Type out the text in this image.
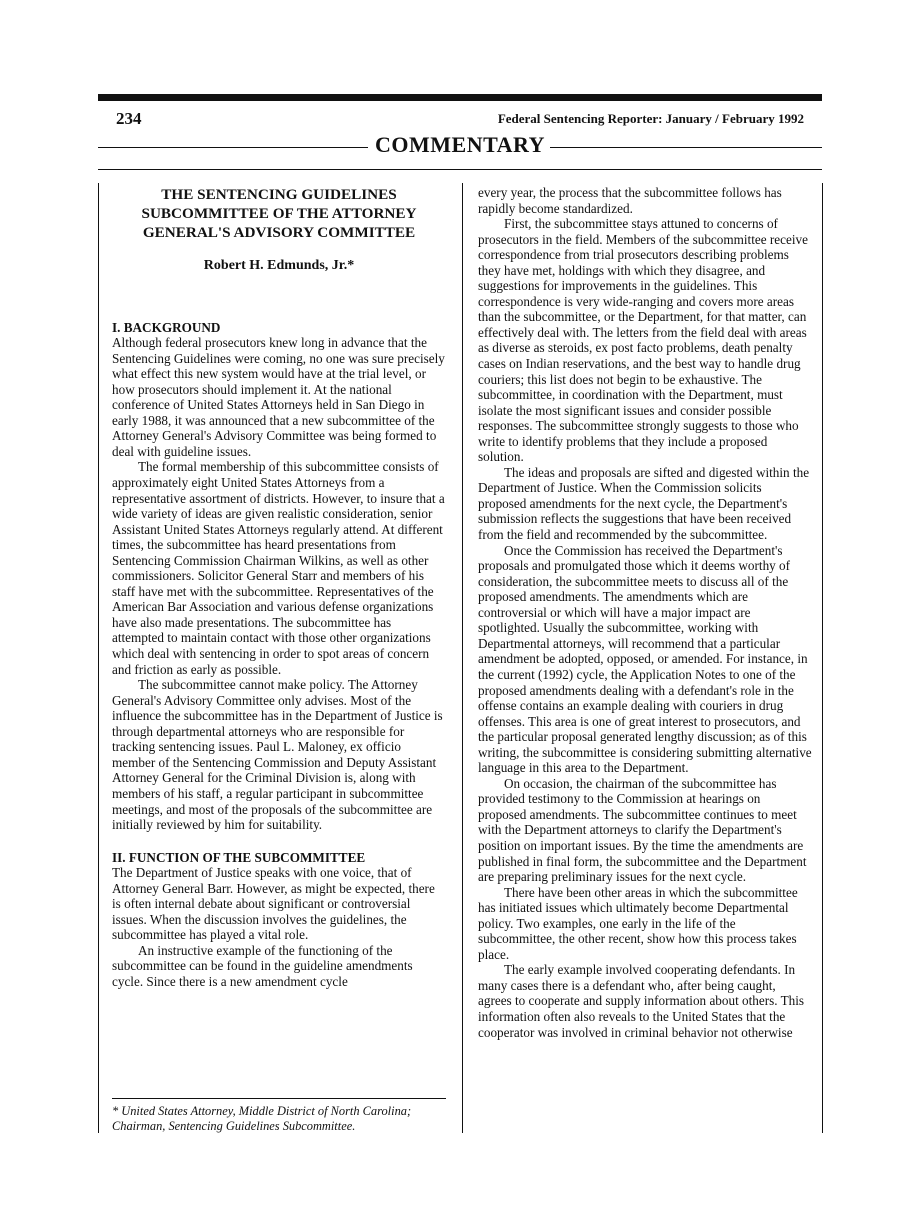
234	Federal Sentencing Reporter: January / February 1992
COMMENTARY
THE SENTENCING GUIDELINES
SUBCOMMITTEE OF THE ATTORNEY
GENERAL'S ADVISORY COMMITTEE
Robert H. Edmunds, Jr.*
I. BACKGROUND

Although federal prosecutors knew long in advance that the Sentencing Guidelines were coming, no one was sure precisely what effect this new system would have at the trial level, or how prosecutors should implement it. At the national conference of United States Attorneys held in San Diego in early 1988, it was announced that a new subcommittee of the Attorney General's Advisory Committee was being formed to deal with guideline issues.

The formal membership of this subcommittee consists of approximately eight United States Attorneys from a representative assortment of districts. However, to insure that a wide variety of ideas are given realistic consideration, senior Assistant United States Attorneys regularly attend. At different times, the subcommittee has heard presentations from Sentencing Commission Chairman Wilkins, as well as other commissioners. Solicitor General Starr and members of his staff have met with the subcommittee. Representatives of the American Bar Association and various defense organizations have also made presentations. The subcommittee has attempted to maintain contact with those other organizations which deal with sentencing in order to spot areas of concern and friction as early as possible.

The subcommittee cannot make policy. The Attorney General's Advisory Committee only advises. Most of the influence the subcommittee has in the Department of Justice is through departmental attorneys who are responsible for tracking sentencing issues. Paul L. Maloney, ex officio member of the Sentencing Commission and Deputy Assistant Attorney General for the Criminal Division is, along with members of his staff, a regular participant in subcommittee meetings, and most of the proposals of the subcommittee are initially reviewed by him for suitability.

II. FUNCTION OF THE SUBCOMMITTEE

The Department of Justice speaks with one voice, that of Attorney General Barr. However, as might be expected, there is often internal debate about significant or controversial issues. When the discussion involves the guidelines, the subcommittee has played a vital role.

An instructive example of the functioning of the subcommittee can be found in the guideline amendments cycle. Since there is a new amendment cycle

* United States Attorney, Middle District of North Carolina; Chairman, Sentencing Guidelines Subcommittee.

every year, the process that the subcommittee follows has rapidly become standardized.

First, the subcommittee stays attuned to concerns of prosecutors in the field. Members of the subcommittee receive correspondence from trial prosecutors describing problems they have met, holdings with which they disagree, and suggestions for improvements in the guidelines. This correspondence is very wide-ranging and covers more areas than the subcommittee, or the Department, for that matter, can effectively deal with. The letters from the field deal with areas as diverse as steroids, ex post facto problems, death penalty cases on Indian reservations, and the best way to handle drug couriers; this list does not begin to be exhaustive. The subcommittee, in coordination with the Department, must isolate the most significant issues and consider possible responses. The subcommittee strongly suggests to those who write to identify problems that they include a proposed solution.

The ideas and proposals are sifted and digested within the Department of Justice. When the Commission solicits proposed amendments for the next cycle, the Department's submission reflects the suggestions that have been received from the field and recommended by the subcommittee.

Once the Commission has received the Department's proposals and promulgated those which it deems worthy of consideration, the subcommittee meets to discuss all of the proposed amendments. The amendments which are controversial or which will have a major impact are spotlighted. Usually the subcommittee, working with Departmental attorneys, will recommend that a particular amendment be adopted, opposed, or amended. For instance, in the current (1992) cycle, the Application Notes to one of the proposed amendments dealing with a defendant's role in the offense contains an example dealing with couriers in drug offenses. This area is one of great interest to prosecutors, and the particular proposal generated lengthy discussion; as of this writing, the subcommittee is considering submitting alternative language in this area to the Department.

On occasion, the chairman of the subcommittee has provided testimony to the Commission at hearings on proposed amendments. The subcommittee continues to meet with the Department attorneys to clarify the Department's position on important issues. By the time the amendments are published in final form, the subcommittee and the Department are preparing preliminary issues for the next cycle.

There have been other areas in which the subcommittee has initiated issues which ultimately become Departmental policy. Two examples, one early in the life of the subcommittee, the other recent, show how this process takes place.

The early example involved cooperating defendants. In many cases there is a defendant who, after being caught, agrees to cooperate and supply information about others. This information often also reveals to the United States that the cooperator was involved in criminal behavior not otherwise
